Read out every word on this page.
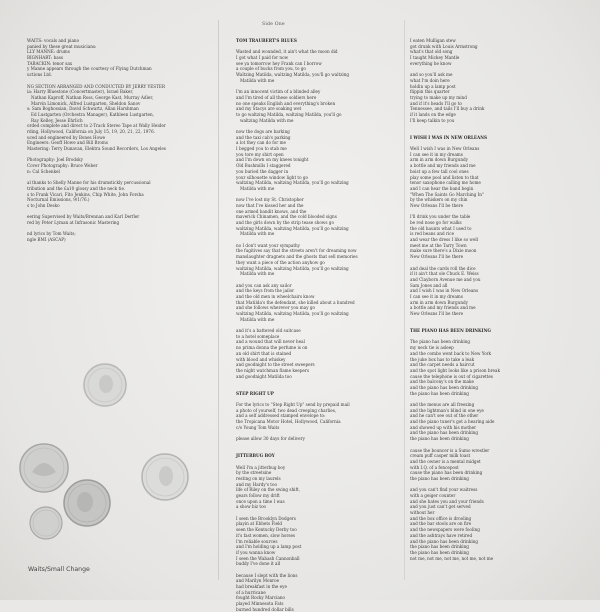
Side One
WAITS: vocals and piano
panied by these great musicians:
LLY MANNE: drums
BIGNHART: bass
TABACKIN: tenor sax
y Manne appears through the courtesy of Flying Dutchman
uctions Ltd.
NG SECTION ARRANGED AND CONDUCTED BY JERRY YESTER
ia: Harry Bluestone (Concertmaster), Israel Baker,
Nathan Kaproff, Nathan Ross, George Kast, Murray Adler,
Marvin Limonick, Alfred Lustgarten, Sheldon Sanov
s: Sam Boghossian, David Schwartz, Allan Harshman
Ed Lustgarten (Orchestra Manager), Kathleen Lustgarten,
Ray Kelley, Jesse Ehrlich
orded complete and direct to 2-Track Stereo Tape at Wally Heider
rding, Hollywood, California on July 15, 19, 20, 21, 22, 1976.
uced and engineered by Bones Howe
Engineers: Geoff Howe and Bill Broms
Mastering: Terry Dunavan, Elektra Sound Recorders, Los Angeles
Photography: Joel Brodsky
Cover Photography: Bruce Weber
n: Cal Schenkel
al thanks to Shelly Manne for his drumstickly percussional
tribution and the £a10 glossy and the neck tie.
s to Frank Vicari, Fito Jenkins, Chip White, John Forsha
Nocturnal Emissions, 9/1/76.)
s to John Desko
eering Supervised by Waits/Brennan and Karl Derfler
red by Peter Lyman at Infrasonic Mastering
nd lyrics by Tom Waits;
ngle BMI (ASCAP)
TOM TRAUBERT'S BLUES
Wasted and wounded, it ain't what the moon did
I got what I paid for now
see ya tomorrow hey Frank can I borrow
a couple of bucks from you, to go
Waltzing Matilda, waltzing Matilda, you'll go waltzing
Matilda with me
I'm an innocent victim of a blinded alley
and I'm tired of all these soldiers here
no one speaks English and everything's broken
and my Stacys are soaking wet
to go waltzing Matilda, waltzing Matilda, you'll go
waltzing Matilda with me
now the dogs are barking
and the taxi cab's parking
a lot they can do for me
I begged you to stab me
you tore my shirt open
and I'm down on my knees tonight
Old Bushmills I staggered
you buried the dagger in
your silhouette window light to go
waltzing Matilda, waltzing Matilda, you'll go waltzing
Matilda with me
now I've lost my St. Christopher
now that I've kissed her and the
one armed bandit knows, and the
maverick Chinamen, and the cold blooded signs
and the girls down by the strip tease shows go
waltzing Matilda, waltzing Matilda, you'll go waltzing
Matilda with me
no I don't want your sympathy
the fugitives say that the streets aren't for dreaming now
manslaughter dragnets and the ghosts that sell memories
they want a piece of the action anyhow go
waltzing Matilda, waltzing Matilda, you'll go waltzing
Matilda with me
and you can ask any sailor
and the keys from the jailor
and the old men in wheelchairs know
that Matilda's the defendant, she killed about a hundred
and she follows wherever you may go
waltzing Matilda, waltzing Matilda, you'll go waltzing
Matilda with me
and it's a battered old suitcase
to a hotel someplace
and a wound that will never heal
no prima donna the perfume is on
an old shirt that is stained
with blood and whiskey
and goodnight to the street sweepers
the night watchman flame keepers
and goodnight Matilda too
STEP RIGHT UP
For the lyrics to "Step Right Up" send by prepaid mail
a photo of yourself, two dead creeping charlies,
and a self addressed stamped envelope to:
the Tropicana Motor Hotel, Hollywood, California
c/o Young Tom Waits
please allow 30 days for delivery
JITTERBUG BOY
Well I'm a jitterbug boy
by the streetsine
resting on my laurels
and my Hardy's too
life of Riley on the swing shift,
gears follow my drift
once upon a time I was
a show biz too
I seen the Brooklyn Dodgers
playin at Ebbets Field
seen the Kentucky Derby too
it's fast women, slow horses
I'm reliable sources
and I'm holding up a lamp post
if you wanna know
I seen the Wabash Cannonball
buddy I've done it all
because I slept with the lions
and Marilyn Monroe
had breakfast in the eye
of a hurricane
fought Rocky Marciano
played Minnesota Fats
burned hundred dollar bills
I eaten Mulligan stew
got drunk with Louis Armstrong
what's that old song
I taught Mickey Mantle
everything he know
and so you'll ask me
what I'm doin here
holdin up a lamp post
flippin this quarter
trying to make up my mind
and if it's heads I'll go to
Tennessee, and tails I'll buy a drink
if it lands on the edge
I'll keep talkin to you
I WISH I WAS IN NEW ORLEANS
Well I wish I was in New Orleans
I can see it in my dreams
arm in arm down Burgundy
a bottle and my friends and me
hoist up a few tall cool ones
play some pool and listen to that
tenor saxophone calling me home
and I can hear the band begin
"When The Saints Go Marching In"
by the whiskers on my chin
New Orleans I'll be there
I'll drink you under the table
be red nose go for walks
the old haunts what I used to
is red beans and rice
and wear the dress I like so well
meet me at the Tarry Town
make sure there's a Dixie moon
New Orleans I'll be there
and deal the cards roll the dice
if it ain't that ole Chuck E. Weiss
and Clayborn Avenue me and you
Sam Jones and all
and I wish I was in New Orleans
I can see it in my dreams
arm in arm down Burgundy
a bottle and my friends and me
New Orleans I'll be there
THE PIANO HAS BEEN DRINKING
The piano has been drinking
my neck tie is asleep
and the combo went back to New York
the juke box has to take a leak
and the carpet needs a haircut
and the spot light looks like a prison break
cause the telephone is out of cigarettes
and the balcony's on the make
and the piano has been drinking
the piano has been drinking
and the menus are all freezing
and the lightman's blind in one eye
and he can't see out of the other
and the piano tuner's got a hearing aide
and showed up with his mother
and the piano has been drinking
the piano has been drinking
cause the bouncer is a Sumo wrestler
cream puff casper milk toast
and the owner is a mental midget
with I.Q. of a fencepost
cause the piano has been drinking
the piano has been drinking
and you can't find your waitress
with a geiger counter
and she hates you and your friends
and you just can't get served
without her
and the box office is drooling
and the bar stools are on fire
and the newspapers were fooling
and the ashtrays have retired
and the piano has been drinking
the piano has been drinking
the piano has been drinking
not me, not me, not me, not me, not me
Waits/Small Change
